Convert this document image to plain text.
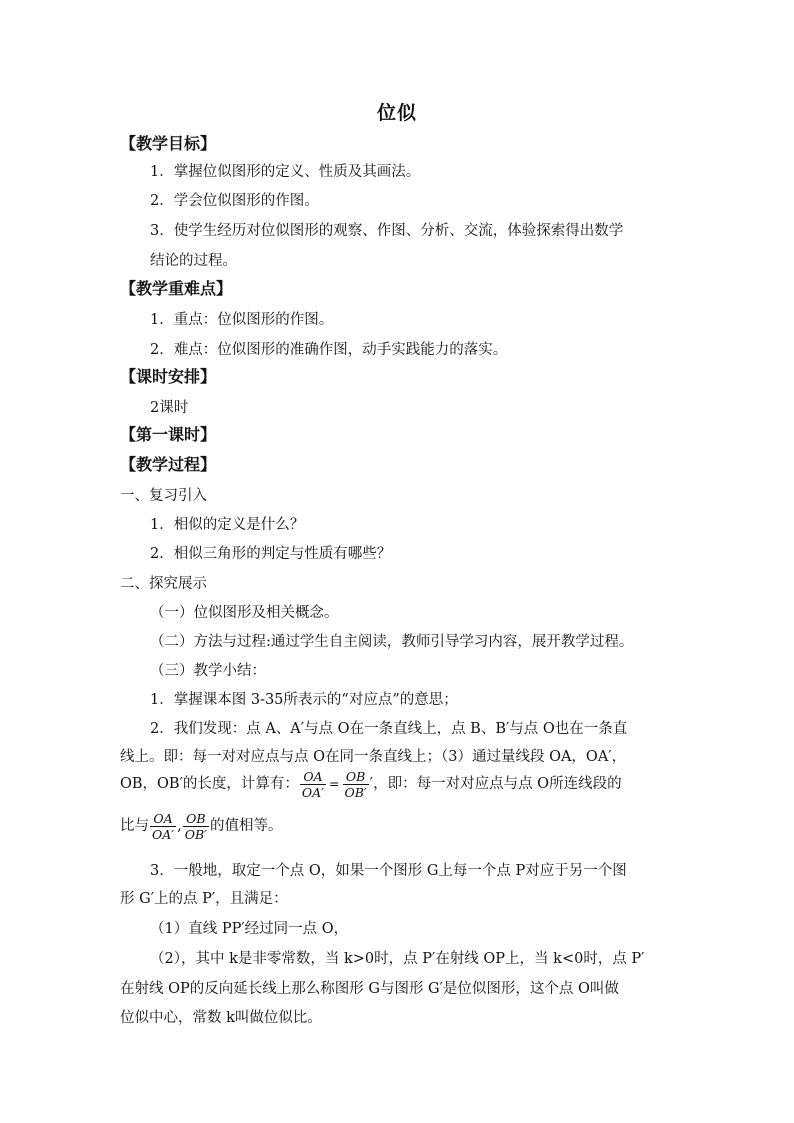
位似
【教学目标】
1．掌握位似图形的定义、性质及其画法。
2．学会位似图形的作图。
3．使学生经历对位似图形的观察、作图、分析、交流，体验探索得出数学
结论的过程。
【教学重难点】
1．重点：位似图形的作图。
2．难点：位似图形的准确作图，动手实践能力的落实。
【课时安排】
2课时
【第一课时】
【教学过程】
一、复习引入
1．相似的定义是什么？
2．相似三角形的判定与性质有哪些？
二、探究展示
（一）位似图形及相关概念。
（二）方法与过程:通过学生自主阅读，教师引导学习内容，展开教学过程。
（三）教学小结：
1．掌握课本图 3-35所表示的“对应点”的意思；
2．我们发现：点 A、A′与点 O在一条直线上，点 B、B′与点 O也在一条直
线上。即：每一对对应点与点 O在同一条直线上；（3）通过量线段 OA，OA′，
OB，OB′的长度，计算有： $\frac{OA}{OA'} = \frac{OB}{OB'}$ ′，即：每一对对应点与点 O所连线段的
比与 $\frac{OA}{OA'}$ , $\frac{OB}{OB'}$ 的值相等。
3．一般地，取定一个点 O，如果一个图形 G上每一个点 P对应于另一个图
形 G′上的点 P′，且满足：
（1）直线 PP′经过同一点 O，
（2），其中 k是非零常数，当 k>0时，点 P′在射线 OP上，当 k<0时，点 P′
在射线 OP的反向延长线上那么称图形 G与图形 G′是位似图形，这个点 O叫做
位似中心，常数 k叫做位似比。
